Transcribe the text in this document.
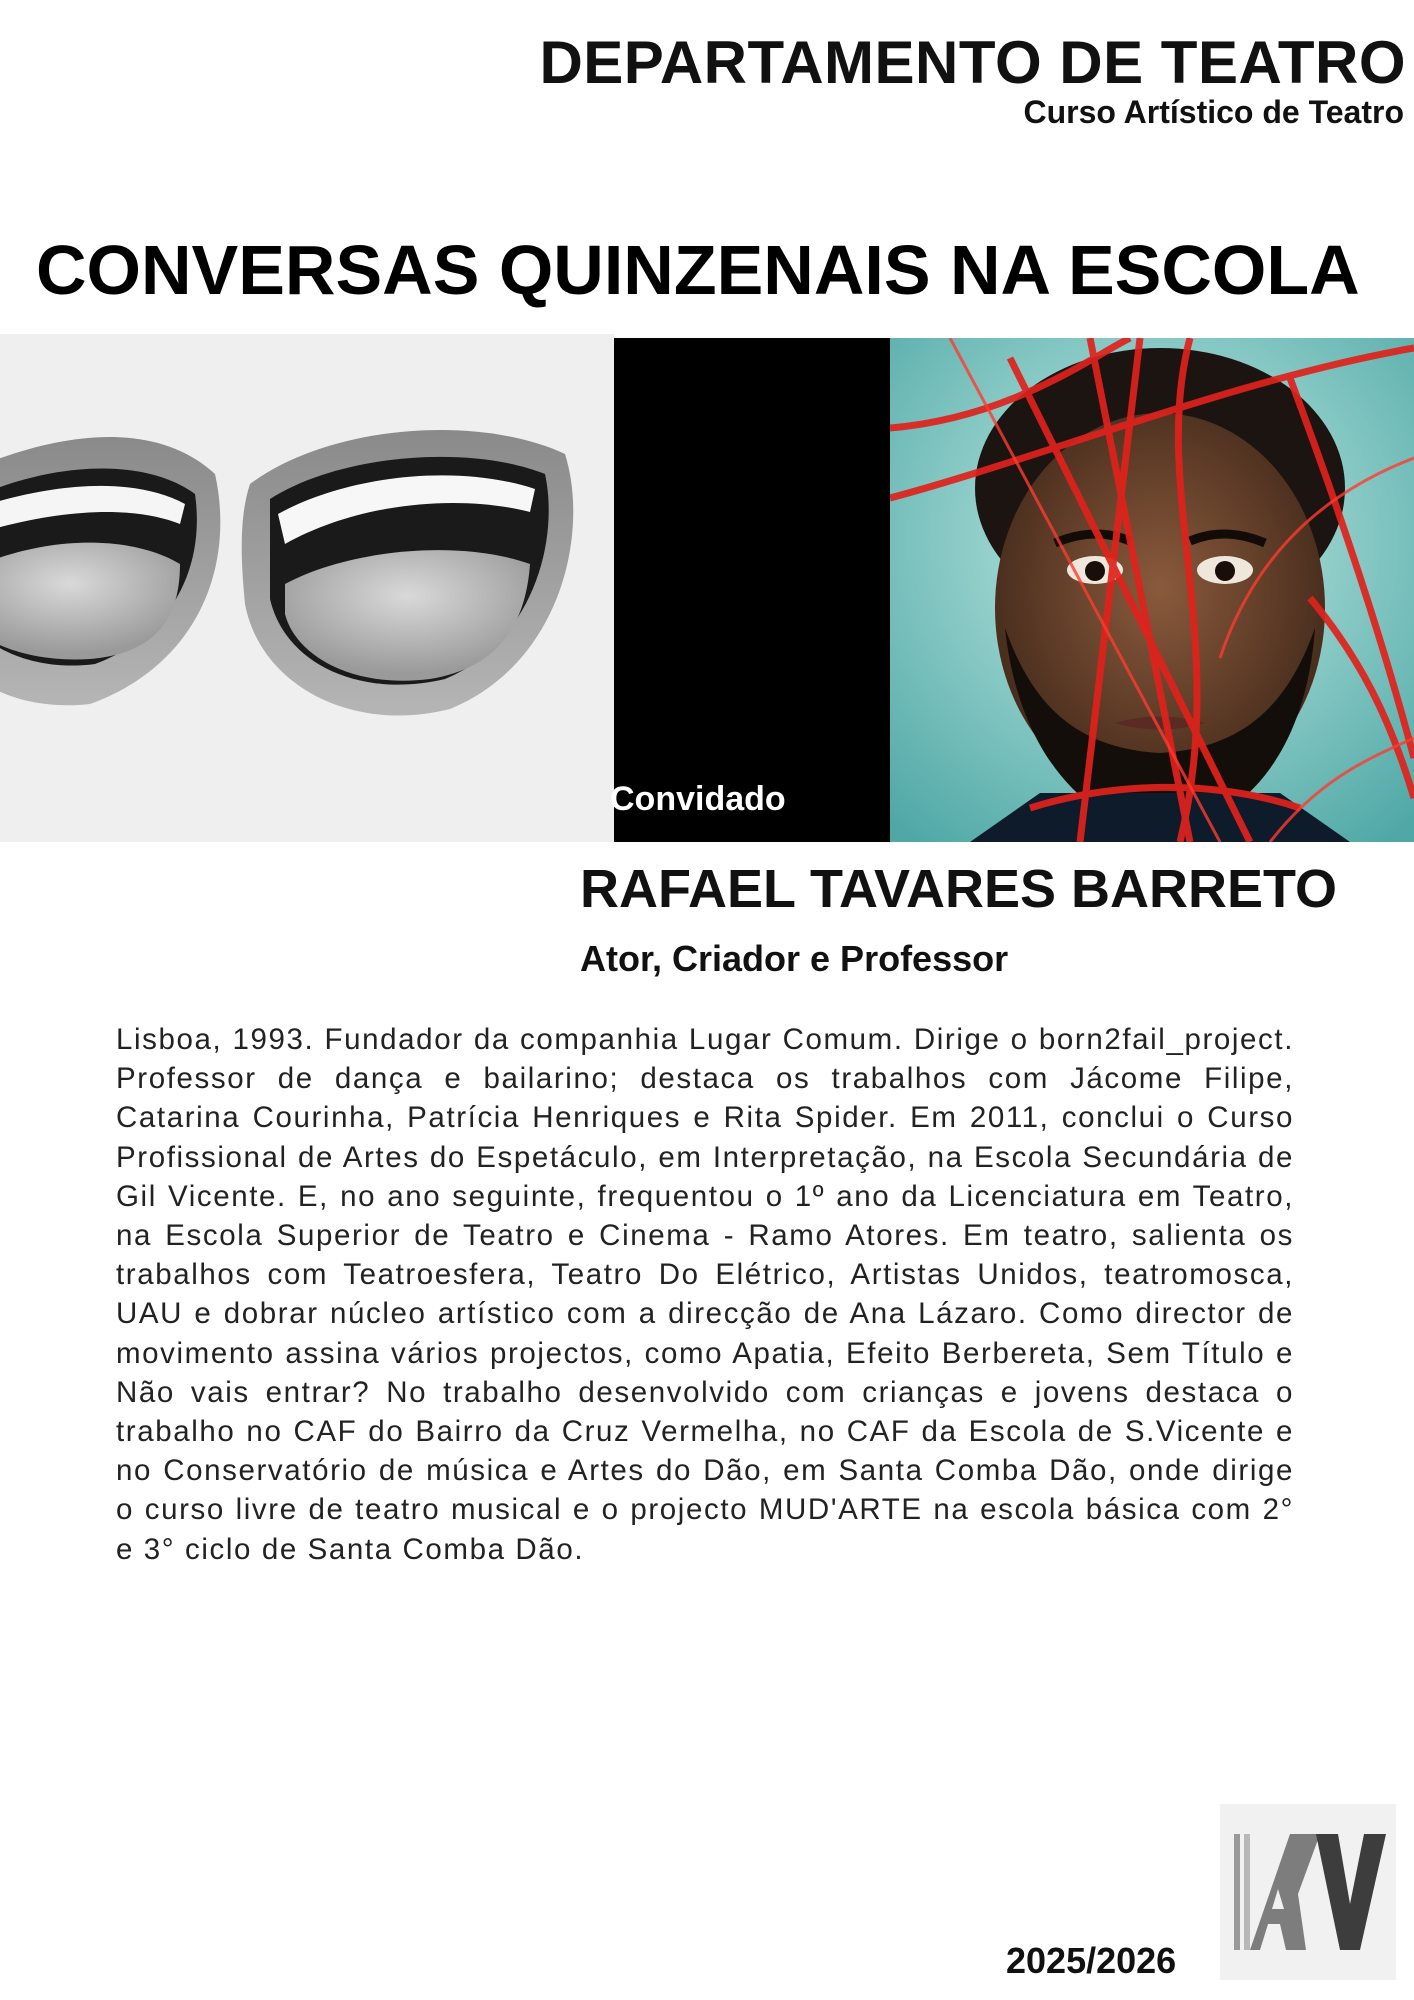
DEPARTAMENTO DE TEATRO
Curso Artístico de Teatro
CONVERSAS QUINZENAIS NA ESCOLA
Convidado
RAFAEL TAVARES BARRETO
Ator, Criador e Professor
Lisboa, 1993. Fundador da companhia Lugar Comum. Dirige o born2fail_project. Professor de dança e bailarino; destaca os trabalhos com Jácome Filipe, Catarina Courinha, Patrícia Henriques e Rita Spider. Em 2011, conclui o Curso Profissional de Artes do Espetáculo, em Interpretação, na Escola Secundária de Gil Vicente. E, no ano seguinte, frequentou o 1º ano da Licenciatura em Teatro, na Escola Superior de Teatro e Cinema - Ramo Atores. Em teatro, salienta os trabalhos com Teatroesfera, Teatro Do Elétrico, Artistas Unidos, teatromosca, UAU e dobrar núcleo artístico com a direcção de Ana Lázaro. Como director de movimento assina vários projectos, como Apatia, Efeito Berbereta, Sem Título e Não vais entrar? No trabalho desenvolvido com crianças e jovens destaca o trabalho no CAF do Bairro da Cruz Vermelha, no CAF da Escola de S.Vicente e no Conservatório de música e Artes do Dão, em Santa Comba Dão, onde dirige o curso livre de teatro musical e o projecto MUD'ARTE na escola básica com 2° e 3° ciclo de Santa Comba Dão.
2025/2026
